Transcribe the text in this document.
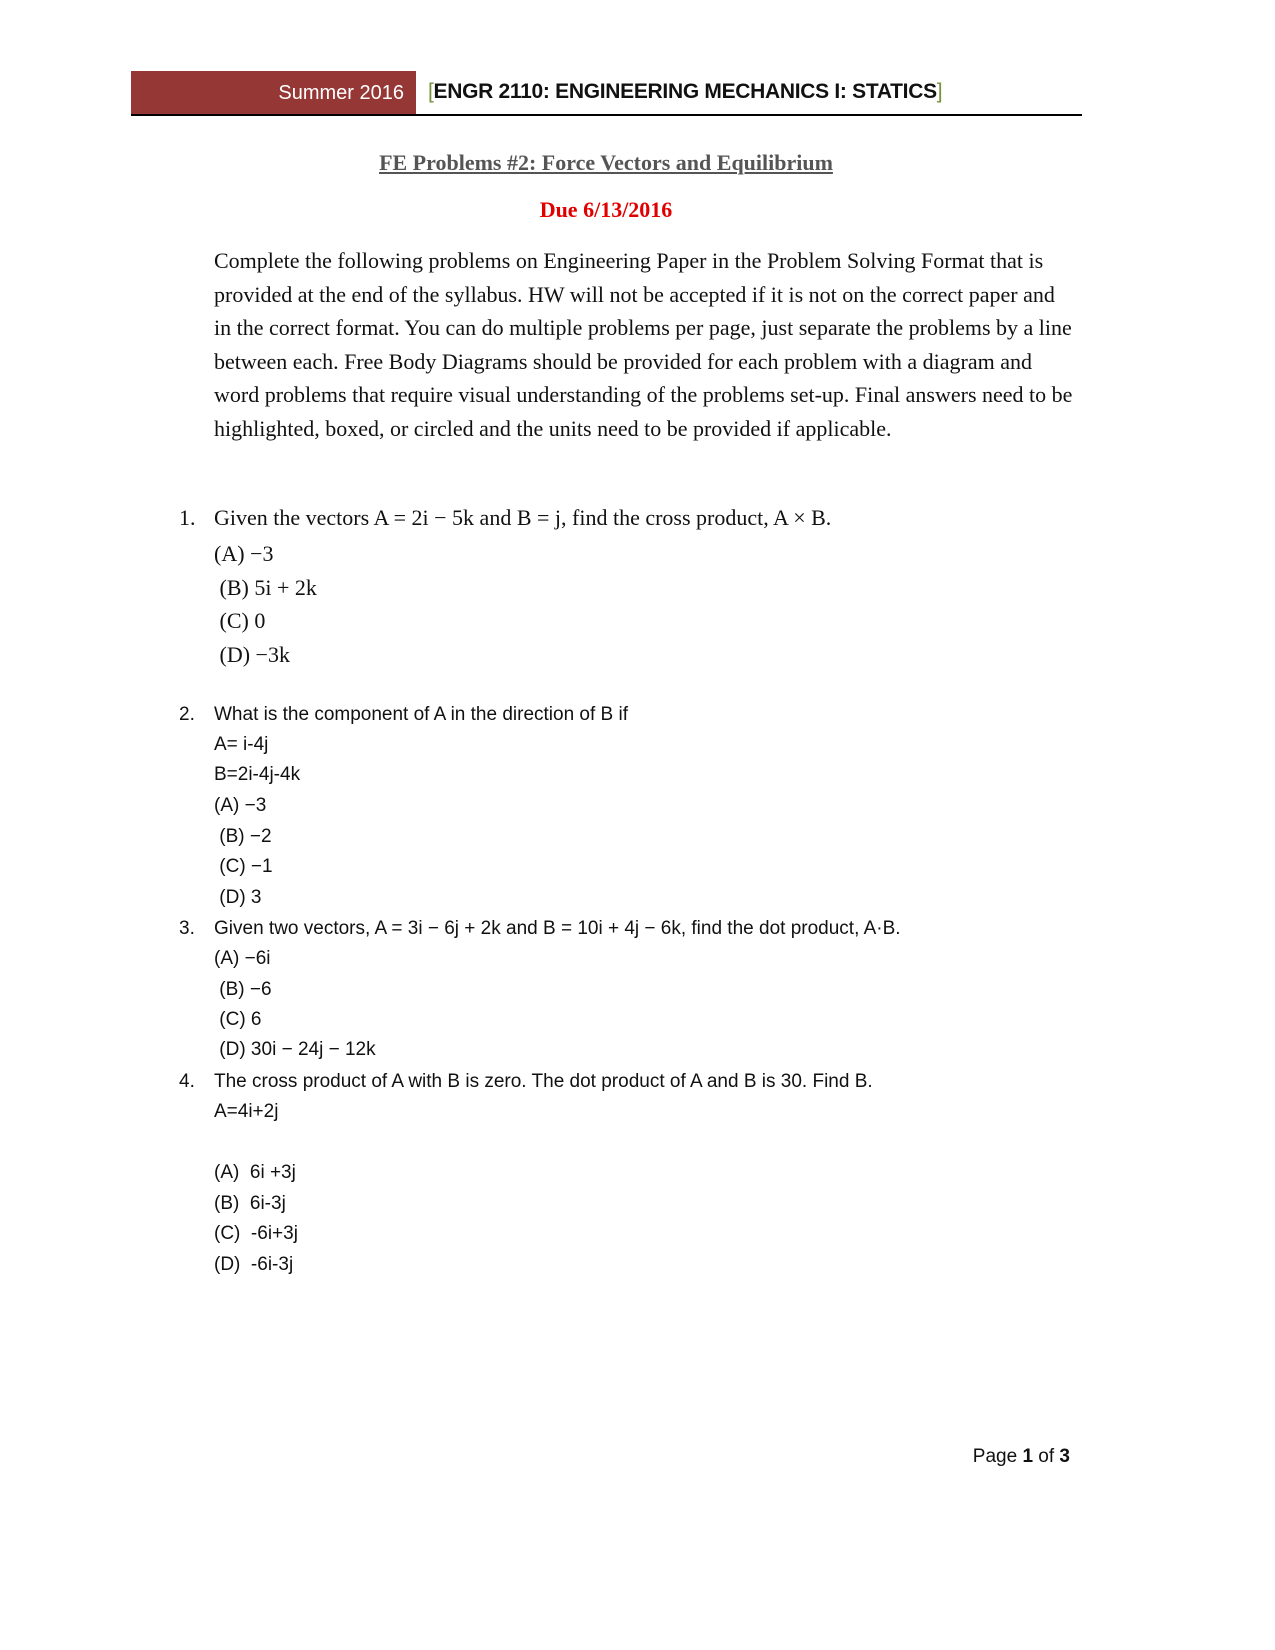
Summer 2016 [ENGR 2110: ENGINEERING MECHANICS I: STATICS]
FE Problems #2: Force Vectors and Equilibrium
Due 6/13/2016
Complete the following problems on Engineering Paper in the Problem Solving Format that is provided at the end of the syllabus. HW will not be accepted if it is not on the correct paper and in the correct format. You can do multiple problems per page, just separate the problems by a line between each. Free Body Diagrams should be provided for each problem with a diagram and word problems that require visual understanding of the problems set-up. Final answers need to be highlighted, boxed, or circled and the units need to be provided if applicable.
1. Given the vectors A = 2i − 5k and B = j, find the cross product, A × B.
(A) −3
(B) 5i + 2k
(C) 0
(D) −3k
2. What is the component of A in the direction of B if
A= i-4j
B=2i-4j-4k
(A) −3
(B) −2
(C) −1
(D) 3
3. Given two vectors, A = 3i − 6j + 2k and B = 10i + 4j − 6k, find the dot product, A·B.
(A) −6i
(B) −6
(C) 6
(D) 30i − 24j − 12k
4. The cross product of A with B is zero. The dot product of A and B is 30. Find B.
A=4i+2j
(A)  6i +3j
(B)  6i-3j
(C)  -6i+3j
(D)  -6i-3j
Page 1 of 3
